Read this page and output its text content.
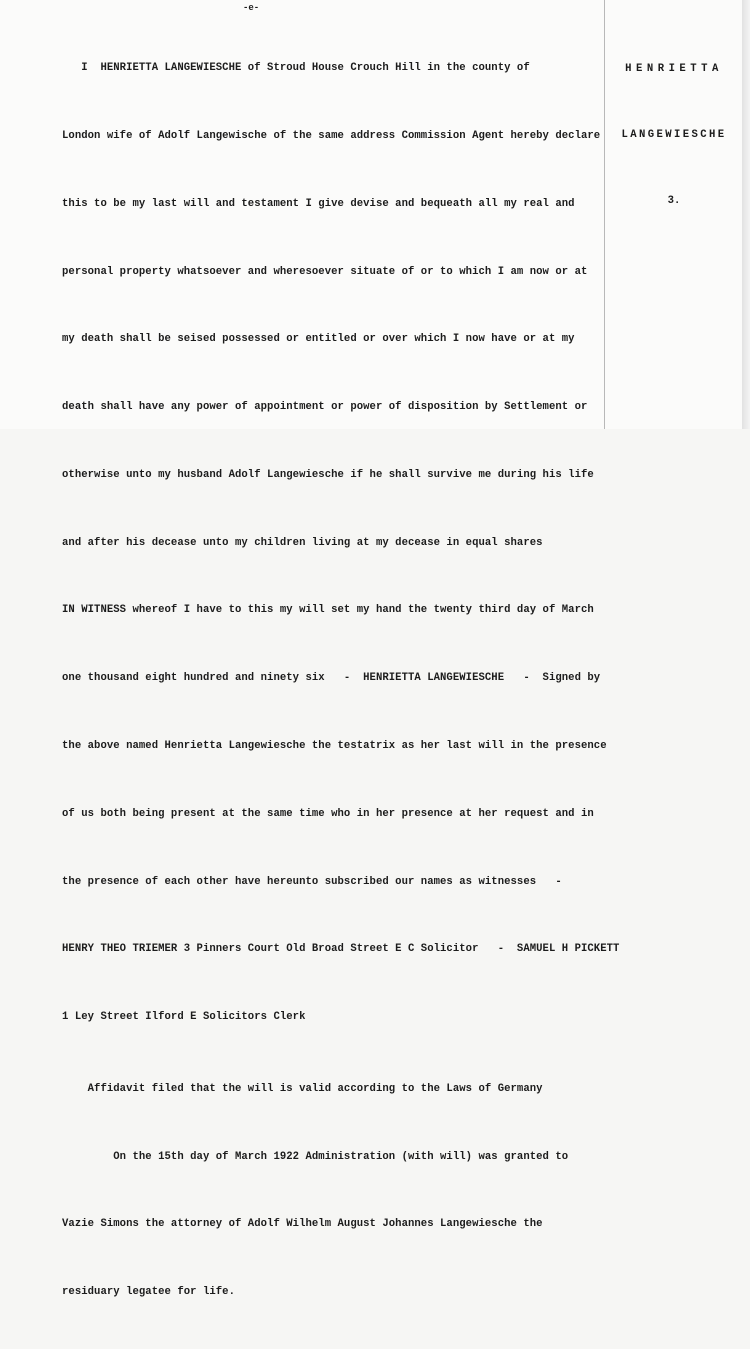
-e-

I  HENRIETTA LANGEWIESCHE of Stroud House Crouch Hill in the county of

London wife of Adolf Langewische of the same address Commission Agent hereby declare

this to be my last will and testament I give devise and bequeath all my real and

personal property whatsoever and wheresoever situate of or to which I am now or at

my death shall be seised possessed or entitled or over which I now have or at my

death shall have any power of appointment or power of disposition by Settlement or

otherwise unto my husband Adolf Langewiesche if he shall survive me during his life

and after his decease unto my children living at my decease in equal shares

IN WITNESS whereof I have to this my will set my hand the twenty third day of March

one thousand eight hundred and ninety six   -  HENRIETTA LANGEWIESCHE   -  Signed by

the above named Henrietta Langewiesche the testatrix as her last will in the presence

of us both being present at the same time who in her presence at her request and in

the presence of each other have hereunto subscribed our names as witnesses   -

HENRY THEO TRIEMER 3 Pinners Court Old Broad Street E C Solicitor   -  SAMUEL H PICKETT

1 Ley Street Ilford E Solicitors Clerk

Affidavit filed that the will is valid according to the Laws of Germany

On the 15th day of March 1922 Administration (with will) was granted to

Vazie Simons the attorney of Adolf Wilhelm August Johannes Langewiesche the

residuary legatee for life.

HENRIETTA

LANGEWIESCHE

3.
